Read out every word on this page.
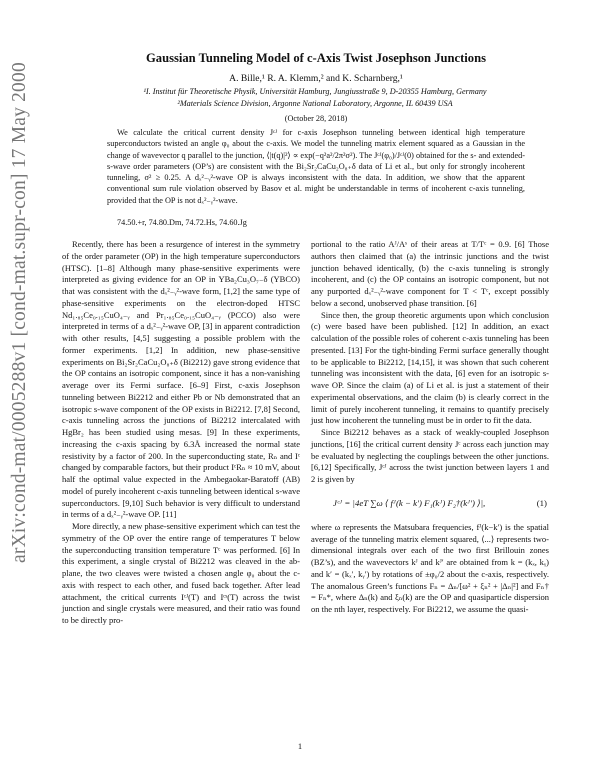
arXiv:cond-mat/0005288v1 [cond-mat.supr-con] 17 May 2000
Gaussian Tunneling Model of c-Axis Twist Josephson Junctions
A. Bille,¹ R. A. Klemm,² and K. Scharnberg,¹
¹I. Institut für Theoretische Physik, Universität Hamburg, Jungiusstraße 9, D-20355 Hamburg, Germany
²Materials Science Division, Argonne National Laboratory, Argonne, IL 60439 USA
(October 28, 2018)

We calculate the critical current density Jᶜᴶ for c-axis Josephson tunneling between identical high temperature superconductors twisted an angle φ₀ about the c-axis. We model the tunneling matrix element squared as a Gaussian in the change of wavevector q parallel to the junction, ⟨|t(q)|²⟩ ∝ exp(−q²a²/2π²σ²). The Jᶜᴶ(φ₀)/Jᶜᴶ(0) obtained for the s- and extended-s-wave order parameters (OP’s) are consistent with the Bi₂Sr₂CaCu₂O₈₊δ data of Li et al., but only for strongly incoherent tunneling, σ² ≥ 0.25. A dₓ²₋ᵧ²-wave OP is always inconsistent with the data. In addition, we show that the apparent conventional sum rule violation observed by Basov et al. might be understandable in terms of incoherent c-axis tunneling, provided that the OP is not dₓ²₋ᵧ²-wave.

74.50.+r, 74.80.Dm, 74.72.Hs, 74.60.Jg

Recently, there has been a resurgence of interest in the symmetry of the order parameter (OP) in the high temperature superconductors (HTSC). [1–8] Although many phase-sensitive experiments were interpreted as giving evidence for an OP in YBa₂Cu₃O₇₋δ (YBCO) that was consistent with the dₓ²₋ᵧ²-wave form, [1,2] the same type of phase-sensitive experiments on the electron-doped HTSC Nd₁.₈₅Ce₀.₁₅CuO₄₋ᵧ and Pr₁.₈₅Ce₀.₁₅CuO₄₋ᵧ (PCCO) also were interpreted in terms of a dₓ²₋ᵧ²-wave OP, [3] in apparent contradiction with other results, [4,5] suggesting a possible problem with the former experiments. [1,2] In addition, new phase-sensitive experiments on Bi₂Sr₂CaCu₂O₈₊δ (Bi2212) gave strong evidence that the OP contains an isotropic component, since it has a non-vanishing average over its Fermi surface. [6–9] First, c-axis Josephson tunneling between Bi2212 and either Pb or Nb demonstrated that an isotropic s-wave component of the OP exists in Bi2212. [7,8] Second, c-axis tunneling across the junctions of Bi2212 intercalated with HgBr₂ has been studied using mesas. [9] In these experiments, increasing the c-axis spacing by 6.3Å increased the normal state resistivity by a factor of 200. In the superconducting state, Rₙ and Iᶜ changed by comparable factors, but their product IᶜRₙ ≈ 10 mV, about half the optimal value expected in the Ambegaokar-Baratoff (AB) model of purely incoherent c-axis tunneling between identical s-wave superconductors. [9,10] Such behavior is very difficult to understand in terms of a dₓ²₋ᵧ²-wave OP. [11]

More directly, a new phase-sensitive experiment which can test the symmetry of the OP over the entire range of temperatures T below the superconducting transition temperature Tᶜ was performed. [6] In this experiment, a single crystal of Bi2212 was cleaved in the ab-plane, the two cleaves were twisted a chosen angle φ₀ about the c-axis with respect to each other, and fused back together. After lead attachment, the critical currents Iᶜᴶ(T) and Iᶜˢ(T) across the twist junction and single crystals were measured, and their ratio was found to be directly pro-

portional to the ratio Aᴶ/Aˢ of their areas at T/Tᶜ = 0.9. [6] Those authors then claimed that (a) the intrinsic junctions and the twist junction behaved identically, (b) the c-axis tunneling is strongly incoherent, and (c) the OP contains an isotropic component, but not any purported dₓ²₋ᵧ²-wave component for T < Tᶜ, except possibly below a second, unobserved phase transition. [6]

Since then, the group theoretic arguments upon which conclusion (c) were based have been published. [12] In addition, an exact calculation of the possible roles of coherent c-axis tunneling has been presented. [13] For the tight-binding Fermi surface generally thought to be applicable to Bi2212, [14,15], it was shown that such coherent tunneling was inconsistent with the data, [6] even for an isotropic s-wave OP. Since the claim (a) of Li et al. is just a statement of their experimental observations, and the claim (b) is clearly correct in the limit of purely incoherent tunneling, it remains to quantify precisely just how incoherent the tunneling must be in order to fit the data.

Since Bi2212 behaves as a stack of weakly-coupled Josephson junctions, [16] the critical current density Jᶜ across each junction may be evaluated by neglecting the couplings between the other junctions. [6,12] Specifically, Jᶜᴶ across the twist junction between layers 1 and 2 is given by

Jᶜᴶ = |4eT ∑ω ⟨ fᴶ(k − k′) F₁(kᴶ) F₂†(kᴶ′) ⟩|,	(1)

where ω represents the Matsubara frequencies, fᴶ(k−k′) is the spatial average of the tunneling matrix element squared, ⟨...⟩ represents two-dimensional integrals over each of the two first Brillouin zones (BZ’s), and the wavevectors kᴶ and kᴶ′ are obtained from k = (kₓ, kᵧ) and k′ = (kₓ′, kᵧ′) by rotations of ±φ₀/2 about the c-axis, respectively. The anomalous Green’s functions Fₙ = Δₙ/[ω² + ξₙ² + |Δₙ|²] and Fₙ† = Fₙ*, where Δₙ(k) and ξₙ(k) are the OP and quasiparticle dispersion on the nth layer, respectively. For Bi2212, we assume the quasi-

1
